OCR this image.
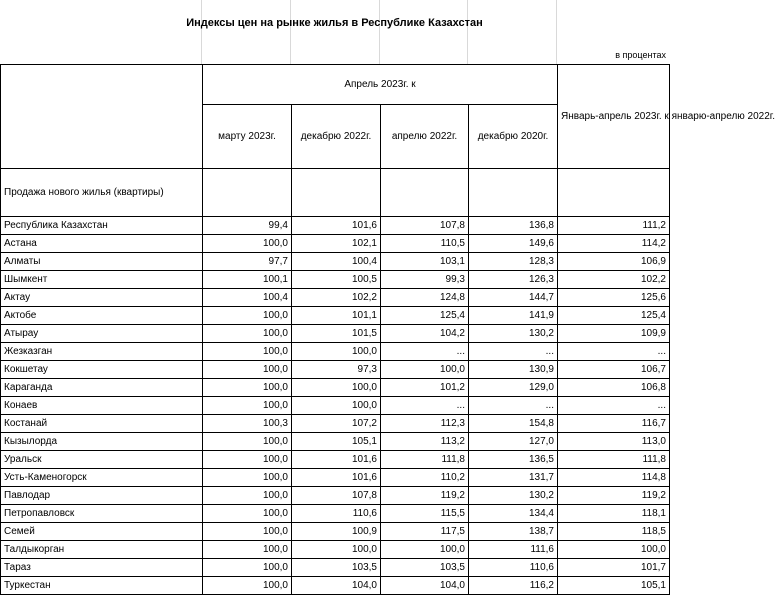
Индексы цен на рынке жилья в Республике Казахстан
в процентах
	Апрель 2023г. к				Январь-апрель 2023г. к январю-апрелю 2022г.
	марту 2023г.	декабрю 2022г.	апрелю 2022г.	декабрю 2020г.	
Продажа нового жилья (квартиры)					
Республика Казахстан	99,4	101,6	107,8	136,8	111,2
Астана	100,0	102,1	110,5	149,6	114,2
Алматы	97,7	100,4	103,1	128,3	106,9
Шымкент	100,1	100,5	99,3	126,3	102,2
Актау	100,4	102,2	124,8	144,7	125,6
Актобе	100,0	101,1	125,4	141,9	125,4
Атырау	100,0	101,5	104,2	130,2	109,9
Жезказган	100,0	100,0	...	...	...
Кокшетау	100,0	97,3	100,0	130,9	106,7
Караганда	100,0	100,0	101,2	129,0	106,8
Конаев	100,0	100,0	...	...	...
Костанай	100,3	107,2	112,3	154,8	116,7
Кызылорда	100,0	105,1	113,2	127,0	113,0
Уральск	100,0	101,6	111,8	136,5	111,8
Усть-Каменогорск	100,0	101,6	110,2	131,7	114,8
Павлодар	100,0	107,8	119,2	130,2	119,2
Петропавловск	100,0	110,6	115,5	134,4	118,1
Семей	100,0	100,9	117,5	138,7	118,5
Талдыкорган	100,0	100,0	100,0	111,6	100,0
Тараз	100,0	103,5	103,5	110,6	101,7
Туркестан	100,0	104,0	104,0	116,2	105,1
